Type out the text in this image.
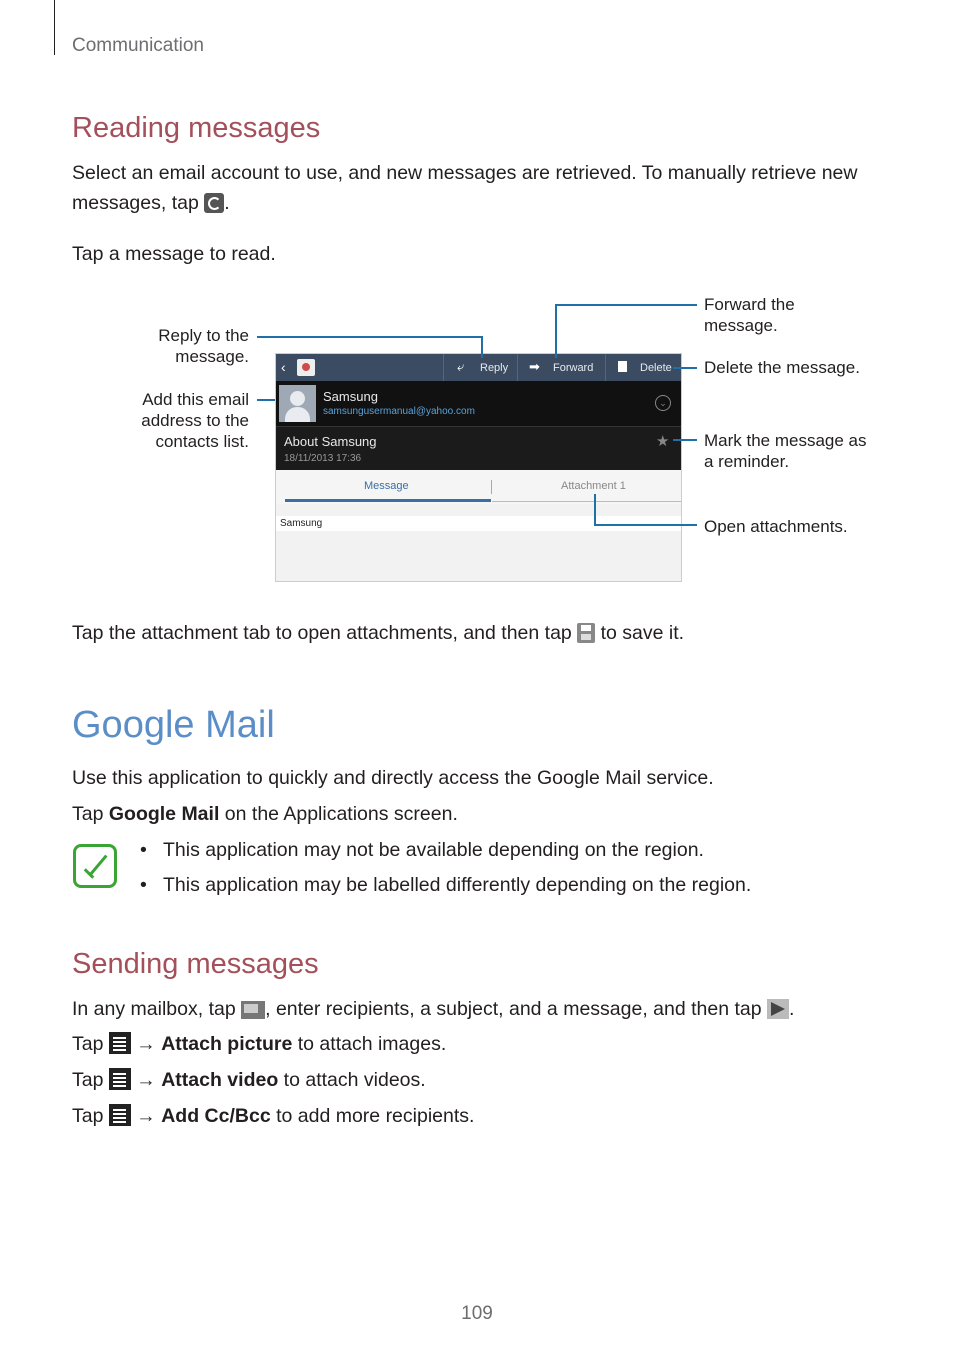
Communication
Reading messages
Select an email account to use, and new messages are retrieved. To manually retrieve new
messages, tap .
Tap a message to read.
‹	⤶ Reply ➡ Forward	Delete
Samsung
samsungusermanual@yahoo.com
⌄
About Samsung
18/11/2013 17:36
★
Message	Attachment 1
Samsung
Reply to the
message.
Add this email
address to the
contacts list.
Forward the
message.
Delete the message.
Mark the message as
a reminder.
Open attachments.
Tap the attachment tab to open attachments, and then tap to save it.
Google Mail
Use this application to quickly and directly access the Google Mail service.
Tap Google Mail on the Applications screen.
• This application may not be available depending on the region.
• This application may be labelled differently depending on the region.
Sending messages
In any mailbox, tap , enter recipients, a subject, and a message, and then tap .
Tap → Attach picture to attach images.
Tap → Attach video to attach videos.
Tap → Add Cc/Bcc to add more recipients.
109
